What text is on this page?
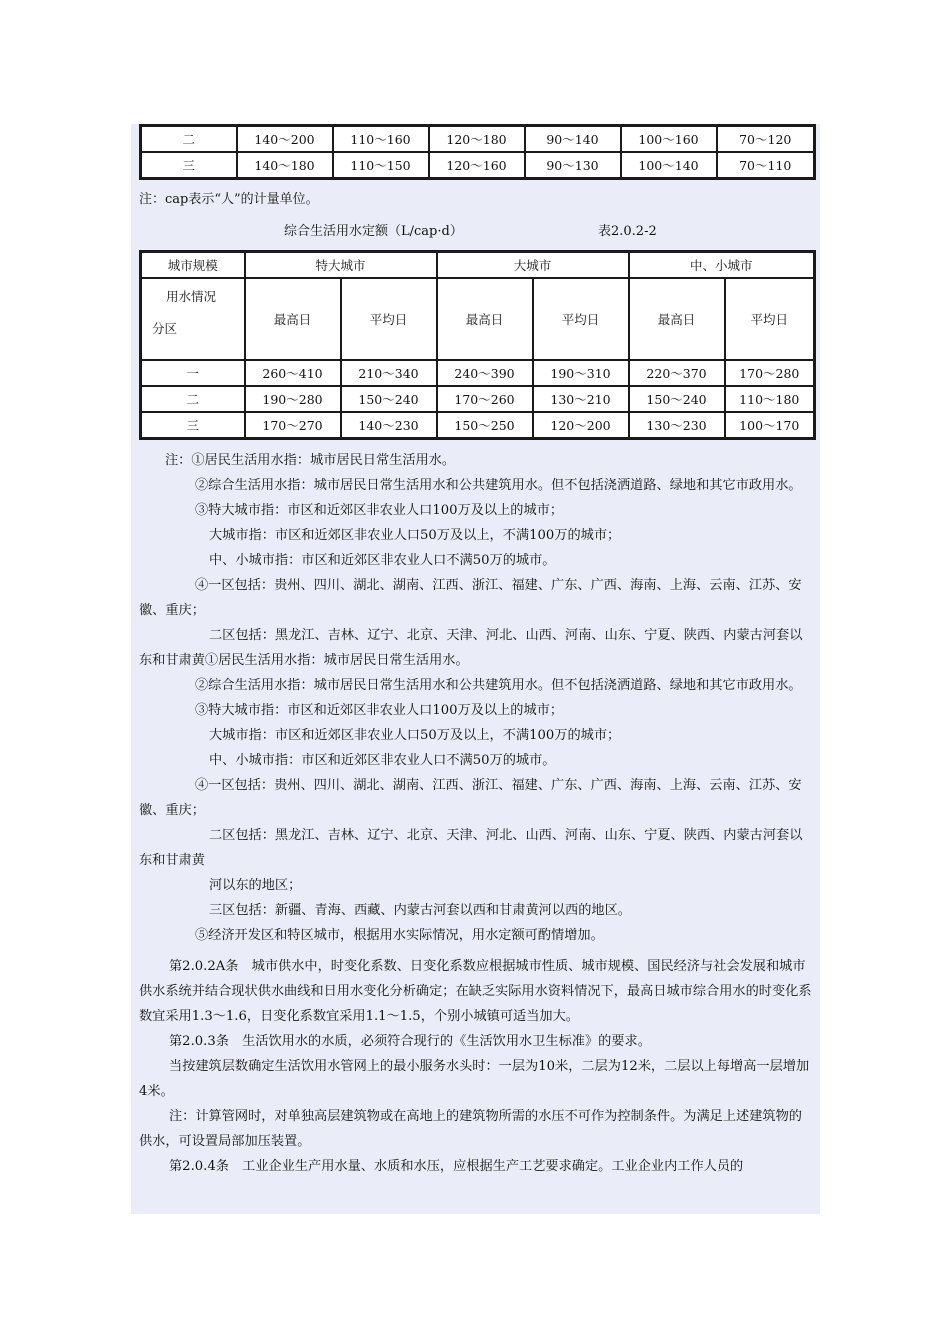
二	140～200	110～160	120～180	90～140	100～160	70～120
三	140～180	110～150	120～160	90～130	100～140	70～110

注：cap表示“人”的计量单位。

综合生活用水定额（L/cap·d）	表2.0.2-2
城市规模	特大城市		大城市		中、小城市	

用水情况
分区	最高日	平均日	最高日	平均日	最高日	平均日
一	260～410	210～340	240～390	190～310	220～370	170～280
二	190～280	150～240	170～260	130～210	150～240	110～180
三	170～270	140～230	150～250	120～200	130～230	100～170

注：①居民生活用水指：城市居民日常生活用水。

②综合生活用水指：城市居民日常生活用水和公共建筑用水。但不包括浇洒道路、绿地和其它市政用水。

③特大城市指：市区和近郊区非农业人口100万及以上的城市；

大城市指：市区和近郊区非农业人口50万及以上，不满100万的城市；

中、小城市指：市区和近郊区非农业人口不满50万的城市。

④一区包括：贵州、四川、湖北、湖南、江西、浙江、福建、广东、广西、海南、上海、云南、江苏、安徽、重庆；

二区包括：黑龙江、吉林、辽宁、北京、天津、河北、山西、河南、山东、宁夏、陕西、内蒙古河套以东和甘肃黄①居民生活用水指：城市居民日常生活用水。

②综合生活用水指：城市居民日常生活用水和公共建筑用水。但不包括浇洒道路、绿地和其它市政用水。

③特大城市指：市区和近郊区非农业人口100万及以上的城市；

大城市指：市区和近郊区非农业人口50万及以上，不满100万的城市；

中、小城市指：市区和近郊区非农业人口不满50万的城市。

④一区包括：贵州、四川、湖北、湖南、江西、浙江、福建、广东、广西、海南、上海、云南、江苏、安徽、重庆；

二区包括：黑龙江、吉林、辽宁、北京、天津、河北、山西、河南、山东、宁夏、陕西、内蒙古河套以东和甘肃黄

河以东的地区；

三区包括：新疆、青海、西藏、内蒙古河套以西和甘肃黄河以西的地区。

⑤经济开发区和特区城市，根据用水实际情况，用水定额可酌情增加。

第2.0.2A条　城市供水中，时变化系数、日变化系数应根据城市性质、城市规模、国民经济与社会发展和城市供水系统并结合现状供水曲线和日用水变化分析确定；在缺乏实际用水资料情况下，最高日城市综合用水的时变化系数宜采用1.3～1.6，日变化系数宜采用1.1～1.5，个别小城镇可适当加大。

第2.0.3条　生活饮用水的水质，必须符合现行的《生活饮用水卫生标准》的要求。

当按建筑层数确定生活饮用水管网上的最小服务水头时：一层为10米，二层为12米，二层以上每增高一层增加4米。

注：计算管网时，对单独高层建筑物或在高地上的建筑物所需的水压不可作为控制条件。为满足上述建筑物的供水，可设置局部加压装置。

第2.0.4条　工业企业生产用水量、水质和水压，应根据生产工艺要求确定。工业企业内工作人员的
